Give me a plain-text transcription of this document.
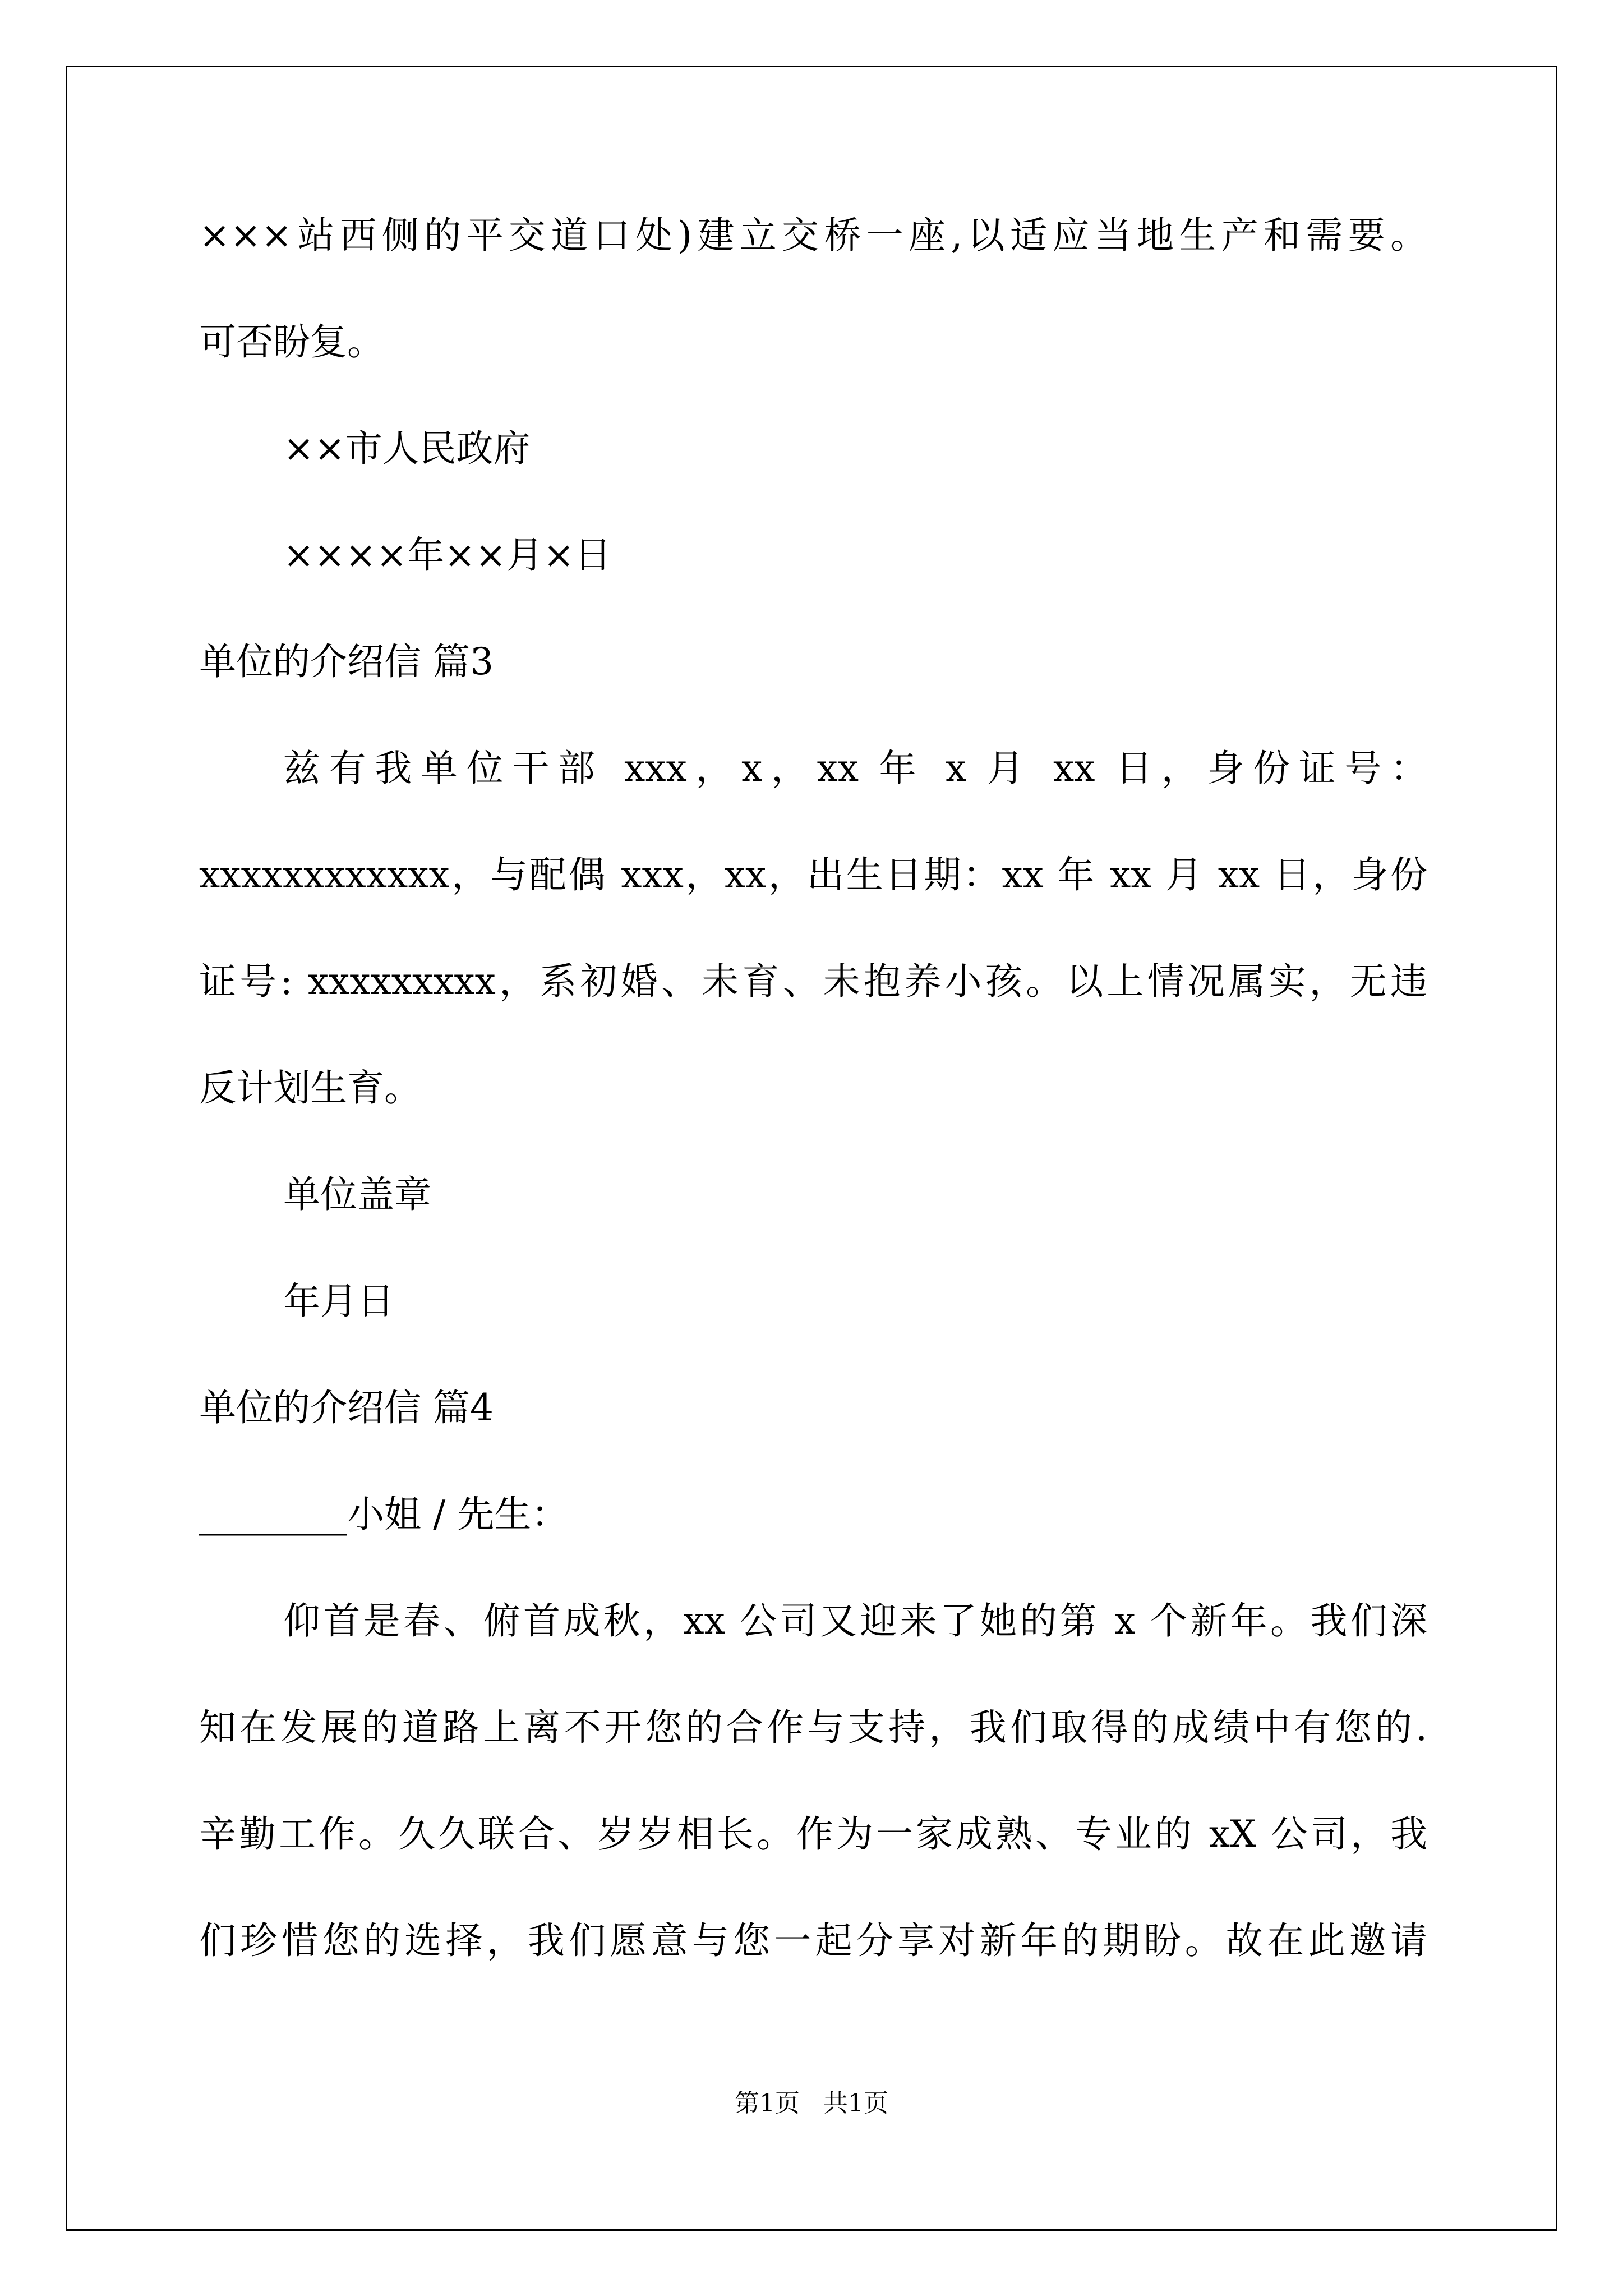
×××站西侧的平交道口处)建立交桥一座,以适应当地生产和需要。
可否盼复。
××市人民政府
××××年××月×日
单位的介绍信 篇3
兹有我单位干部 xxx，x，xx 年 x 月 xx 日，身份证号：
xxxxxxxxxxxx，与配偶 xxx，xx，出生日期：xx 年 xx 月 xx 日，身份
证号: xxxxxxxxx，系初婚、未育、未抱养小孩。以上情况属实，无违
反计划生育。
单位盖章
年月日
单位的介绍信 篇4
________小姐 / 先生：
仰首是春、俯首成秋，xx 公司又迎来了她的第 x 个新年。我们深
知在发展的道路上离不开您的合作与支持，我们取得的成绩中有您的.
辛勤工作。久久联合、岁岁相长。作为一家成熟、专业的 xX 公司，我
们珍惜您的选择，我们愿意与您一起分享对新年的期盼。故在此邀请
第1页   共1页
